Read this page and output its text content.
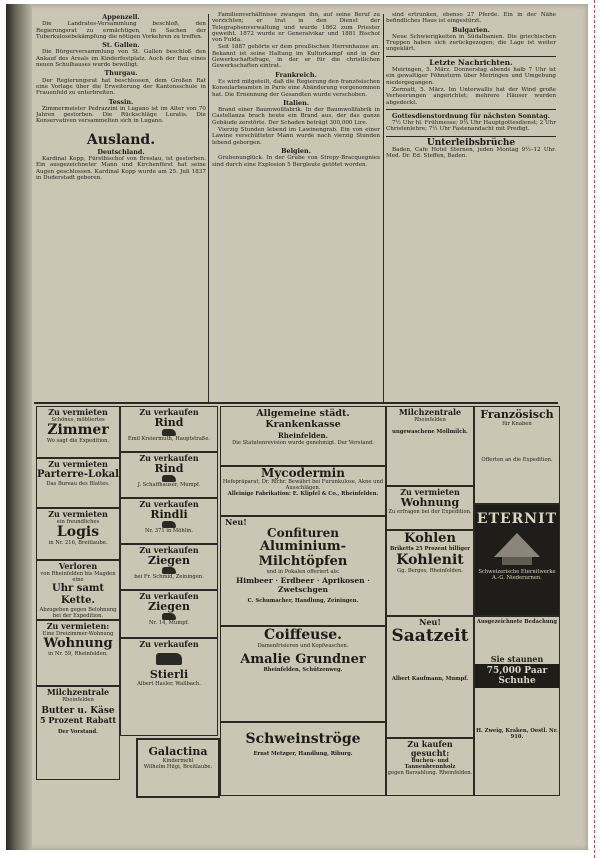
Appenzell.

Die Landrates-Versammlung beschloß, den Regierungsrat zu ermächtigen, in Sachen der Tuberkulosebekämpfung die nötigen Vorkehren zu treffen.

St. Gallen.

Die Bürgerversammlung von St. Gallen beschloß den Ankauf des Areals im Kinderfestplatz. Auch der Bau eines neuen Schulhauses wurde bewilligt.

Thurgau.

Der Regierungsrat hat beschlossen, dem Großen Rat eine Vorlage über die Erweiterung der Kantonsschule in Frauenfeld zu unterbreiten.

Tessin.

Zimmermeister Pedrazzini in Lugano ist im Alter von 70 Jahren gestorben. Die Rückschläge Luratis. Die Konservativen versammelten sich in Lugano.

Ausland.
Deutschland.

Kardinal Kopp, Fürstbischof von Breslau, ist gestorben. Ein ausgezeichneter Mann und Kirchenfürst hat seine Augen geschlossen. Kardinal Kopp wurde am 25. Juli 1837 in Duderstadt geboren.

Familienverhältnisse zwangen ihn, auf seine Beruf zu verzichten; er trat in den Dienst der Telegraphenverwaltung und wurde 1862 zum Priester geweiht. 1872 wurde er Generalvikar und 1881 Bischof von Fulda.

Seit 1887 gehörte er dem preußischen Herrenhause an. Bekannt ist seine Haltung im Kulturkampf und in der Gewerkschaftsfrage, in der er für die christlichen Gewerkschaften eintrat.

Frankreich.

Es wird mitgeteilt, daß die Regierung den französischen Konsularbeamten in Paris eine Abänderung vorgenommen hat. Die Ernennung der Gesandten wurde verschoben.

Italien.

Brand einer Baumwollfabrik. In der Baumwollfabrik in Castellanza brach heute ein Brand aus, der das ganze Gebäude zerstörte. Der Schaden beträgt 300,000 Lire.

Vierzig Stunden lebend im Lawinengrab. Ein von einer Lawine verschütteter Mann wurde nach vierzig Stunden lebend geborgen.

Belgien.

Grubenunglück. In der Grube von Strepy-Bracquegnies sind durch eine Explosion 5 Bergleute getötet worden.

sind ertrunken, ebenso 27 Pferde. Ein in der Nähe befindliches Haus ist eingestürzt.

Bulgarien.

Neue Schwierigkeiten in Südalbanien. Die griechischen Truppen haben sich zurückgezogen; die Lage ist weiter ungeklärt.

Letzte Nachrichten.

Meiringen, 5. März. Donnerstag abends halb 7 Uhr ist ein gewaltiger Föhnsturm über Meiringen und Umgebung niedergegangen.

Zermatt, 5. März. Im Unterwallis hat der Wind große Verheerungen angerichtet; mehrere Häuser wurden abgedeckt.

Gottesdienstordnung für nächsten Sonntag.

7½ Uhr hl. Frühmesse; 9¼ Uhr Hauptgottesdienst; 2 Uhr Christenlehre; 7½ Uhr Fastenandacht mit Predigt.

Unterleibsbrüche

Baden, Cafe Hotel Sternen, jeden Montag 9½–12 Uhr. Med. Dr. Ed. Steffen, Baden.

Zu vermieten
Schönes, möbliertes
Zimmer
Wo sagt die Expedition.
Zu vermieten
Parterre-Lokal
Das Bureau des Blattes.
Zu vermieten
ein freundliches
Logis
in Nr. 216, Breitlaube.
Verloren
von Rheinfelden bis Magden eine
Uhr samt Kette.
Abzugeben gegen Belohnung bei der Expedition.
Zu vermieten:
Eine Dreizimmer-Wohnung
Wohnung
in Nr. 59, Rheinfelden.
Milchzentrale
Rheinfelden
Butter u. Käse
5 Prozent Rabatt
Der Vorstand.
Zu verkaufen
Rind
Emil Kreiermuth, Hauptstraße.
Zu verkaufen
Rind
J. Schaffhauser, Mumpf.
Zu verkaufen
Rindli
Nr. 371 in Möhlin.
Zu verkaufen
Ziegen
bei Fr. Schmid, Zeiningen.
Zu verkaufen
Ziegen
Nr. 14, Mumpf.
Zu verkaufen
Stierli
Albert Hasler, Wallbach.
Galactina
Kindermehl
Wilhelm Hügi, Breitlaube.
Allgemeine städt. Krankenkasse
Rheinfelden.
Die Statutenrevision wurde genehmigt. Der Vorstand.
Mycodermin
Hefepräparat, Dr. Richr. Bewährt bei Furunkulose, Akne und Ausschlägen.
Alleinige Fabrikation: E. Klipfel & Co., Rheinfelden.
Neu!
Confituren
Aluminium-Milchtöpfen
und in Pokalen offeriert als:
Himbeer · Erdbeer · Aprikosen · Zwetschgen
C. Schumacher, Handlung, Zeiningen.
Coiffeuse.
Damenfrisieren und Kopfwaschen.
Amalie Grundner
Rheinfelden, Schützenweg.
Schweinströge
Ernst Metzger, Handlung, Riburg.
Milchzentrale
Rheinfelden
ungewaschene Mollmilch.
Zu vermieten
Wohnung
Zu erfragen bei der Expedition.
Kohlen
Briketts 25 Prozent billiger
Kohlenit
Gg. Bergos, Rheinfelden.
Neu!
Saatzeit
Albert Kaufmann, Mumpf.
Zu kaufen gesucht:
Buchen- und Tannenbrennholz
gegen Barzahlung. Rheinfelden.
Französisch
für Knaben
Offerten an die Expedition.
ETERNIT
Schweizerische Eternitwerke A.-G. Niederurnen.
Ausgezeichnete Bedachung
Sie staunen
75,000 Paar Schuhe
H. Zweig, Kraken, Oestl. Nr. 910.
